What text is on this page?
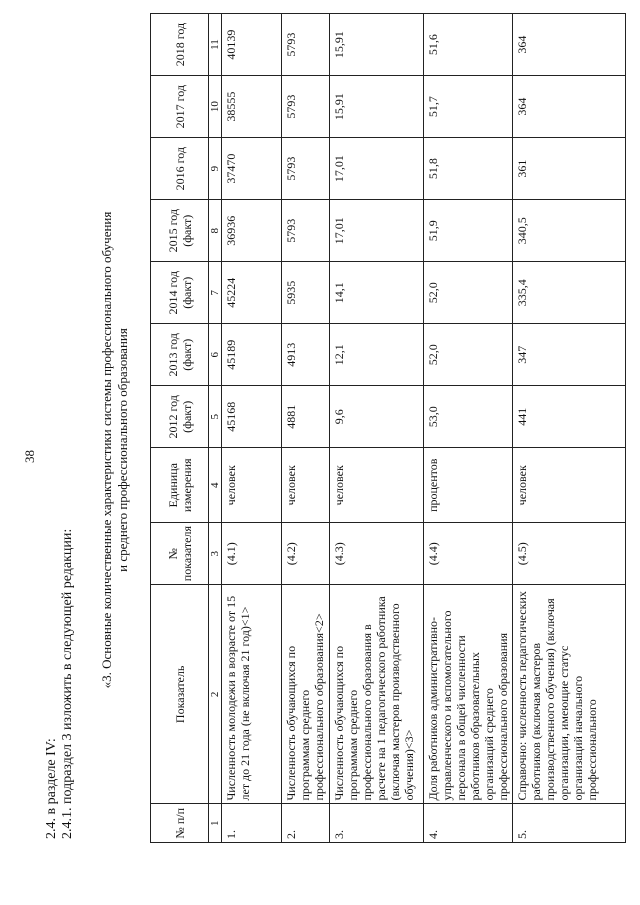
38
2.4. в разделе IV: 2.4.1. подраздел 3 изложить в следующей редакции: «3. Основные количественные характеристики системы профессионального обучения и среднего профессионального образования
№ п/п	Показатель	№ показателя	Единица измерения	2012 год (факт)	2013 год (факт)	2014 год (факт)	2015 год (факт)	2016 год	2017 год	2018 год
1	2	3	4	5	6	7	8	9	10	11
1.	Численность молодежи в возрасте от 15 лет до 21 года (не включая 21 год)<1>	(4.1)	человек	45168	45189	45224	36936	37470	38555	40139
2.	Численность обучающихся по программам среднего профессионального образования<2>	(4.2)	человек	4881	4913	5935	5793	5793	5793	5793
3.	Численность обучающихся по программам среднего профессионального образования в расчете на 1 педагогического работника (включая мастеров производственного обучения)<3>	(4.3)	человек	9,6	12,1	14,1	17,01	17,01	15,91	15,91
4.	Доля работников административно-управленческого и вспомогательного персонала в общей численности работников образовательных организаций среднего профессионального образования	(4.4)	процентов	53,0	52,0	52,0	51,9	51,8	51,7	51,6
5.	Справочно: численность педагогических работников (включая мастеров производственного обучения) (включая организации, имеющие статус организаций начального профессионального	(4.5)	человек	441	347	335,4	340,5	361	364	364
